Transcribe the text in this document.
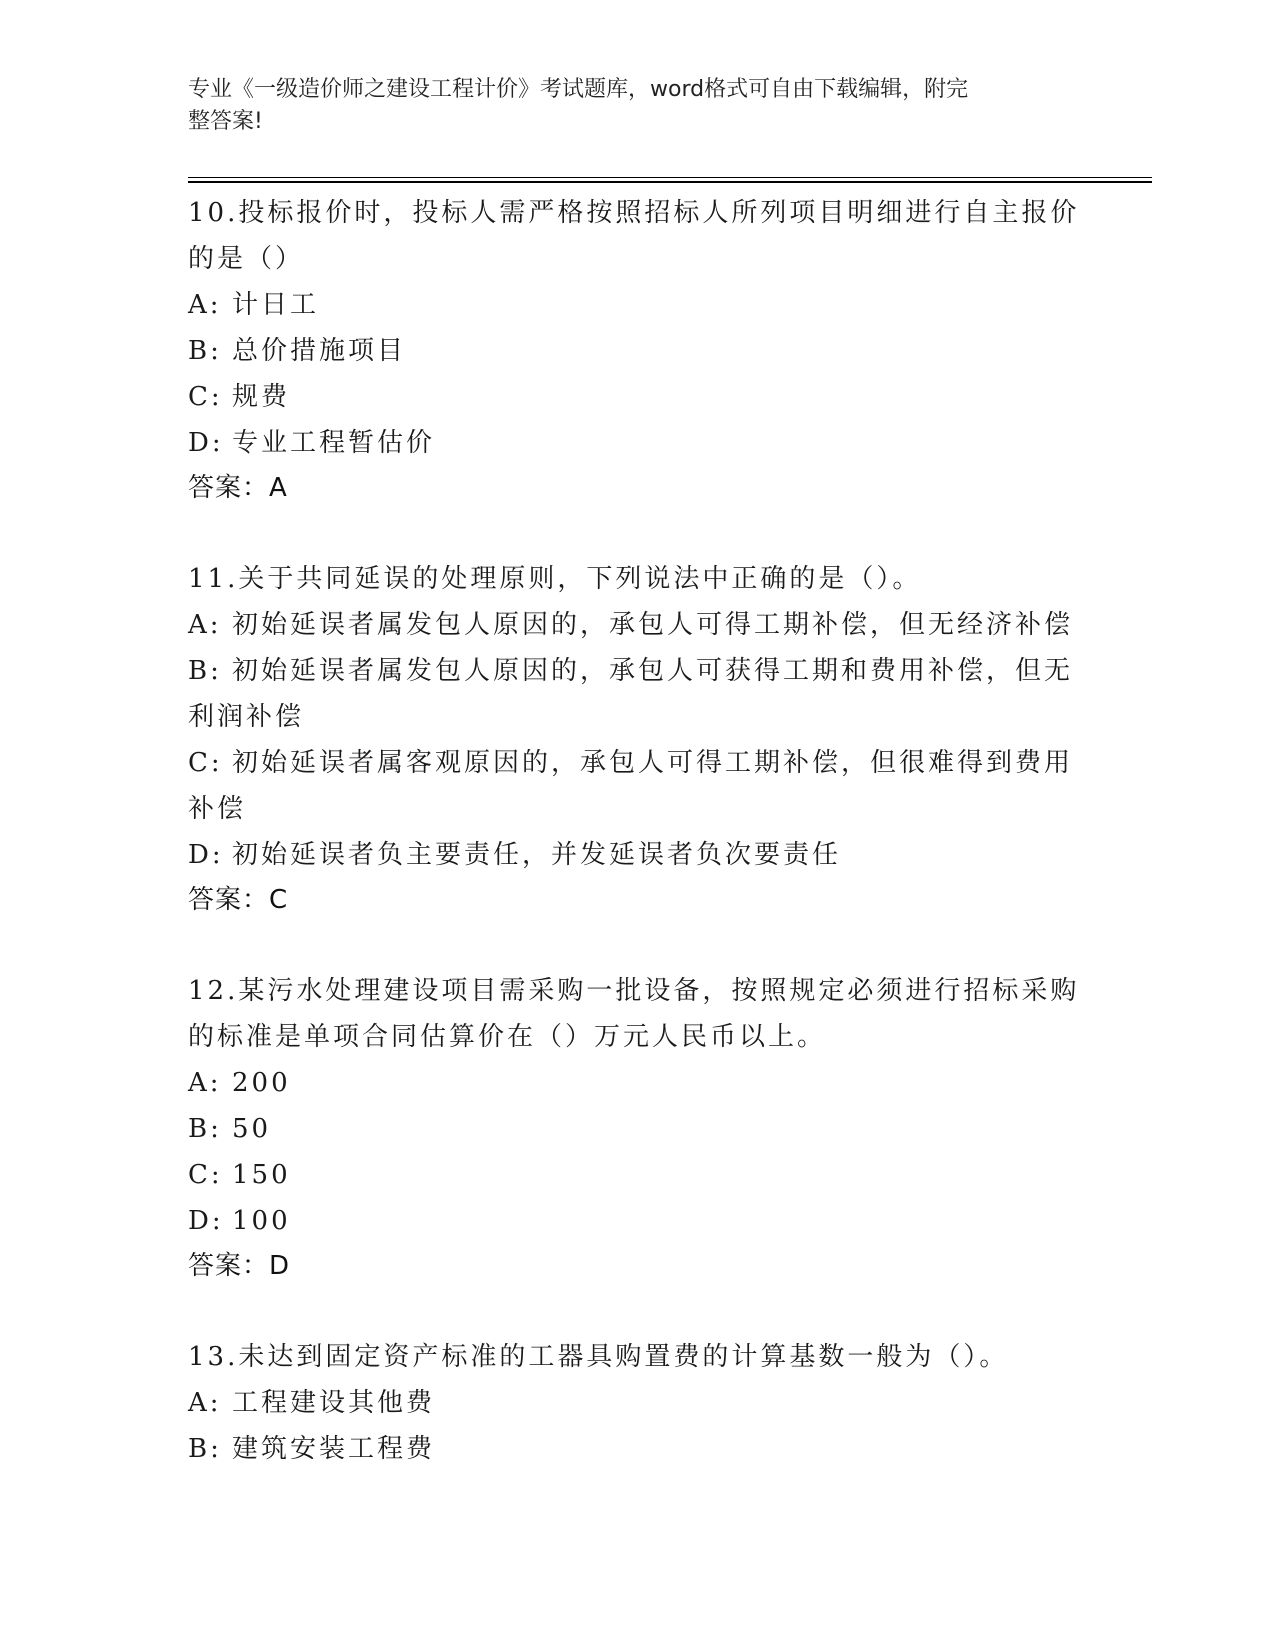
专业《一级造价师之建设工程计价》考试题库，word格式可自由下载编辑，附完
整答案!
10.投标报价时，投标人需严格按照招标人所列项目明细进行自主报价
的是（）
A: 计日工
B: 总价措施项目
C: 规费
D: 专业工程暂估价
答案：A
11.关于共同延误的处理原则，下列说法中正确的是（）。
A: 初始延误者属发包人原因的，承包人可得工期补偿，但无经济补偿
B: 初始延误者属发包人原因的，承包人可获得工期和费用补偿，但无
利润补偿
C: 初始延误者属客观原因的，承包人可得工期补偿，但很难得到费用
补偿
D: 初始延误者负主要责任，并发延误者负次要责任
答案：C
12.某污水处理建设项目需采购一批设备，按照规定必须进行招标采购
的标准是单项合同估算价在（）万元人民币以上。
A: 200
B: 50
C: 150
D: 100
答案：D
13.未达到固定资产标准的工器具购置费的计算基数一般为（）。
A: 工程建设其他费
B: 建筑安装工程费
